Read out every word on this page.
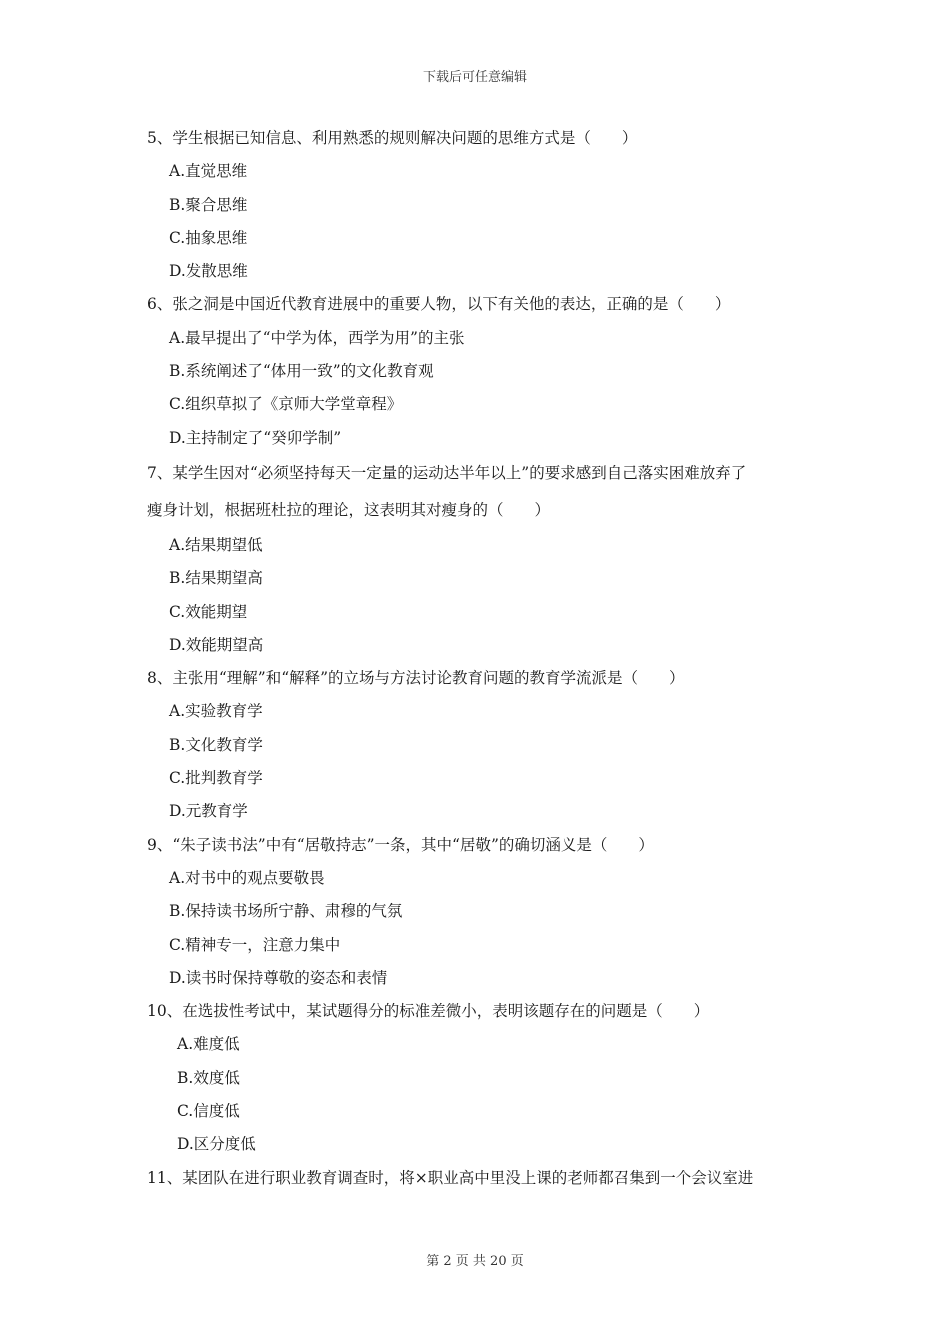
下载后可任意编辑
5、学生根据已知信息、利用熟悉的规则解决问题的思维方式是（　　）
A.直觉思维
B.聚合思维
C.抽象思维
D.发散思维
6、张之洞是中国近代教育进展中的重要人物，以下有关他的表达，正确的是（　　）
A.最早提出了“中学为体，西学为用”的主张
B.系统阐述了“体用一致”的文化教育观
C.组织草拟了《京师大学堂章程》
D.主持制定了“癸卯学制”
7、某学生因对“必须坚持每天一定量的运动达半年以上”的要求感到自己落实困难放弃了
瘦身计划，根据班杜拉的理论，这表明其对瘦身的（　　）
A.结果期望低
B.结果期望高
C.效能期望
D.效能期望高
8、主张用“理解”和“解释”的立场与方法讨论教育问题的教育学流派是（　　）
A.实验教育学
B.文化教育学
C.批判教育学
D.元教育学
9、“朱子读书法”中有“居敬持志”一条，其中“居敬”的确切涵义是（　　）
A.对书中的观点要敬畏
B.保持读书场所宁静、肃穆的气氛
C.精神专一，注意力集中
D.读书时保持尊敬的姿态和表情
10、在选拔性考试中，某试题得分的标准差微小，表明该题存在的问题是（　　）
A.难度低
B.效度低
C.信度低
D.区分度低
11、某团队在进行职业教育调查时，将×职业高中里没上课的老师都召集到一个会议室进
第 2 页 共 20 页
